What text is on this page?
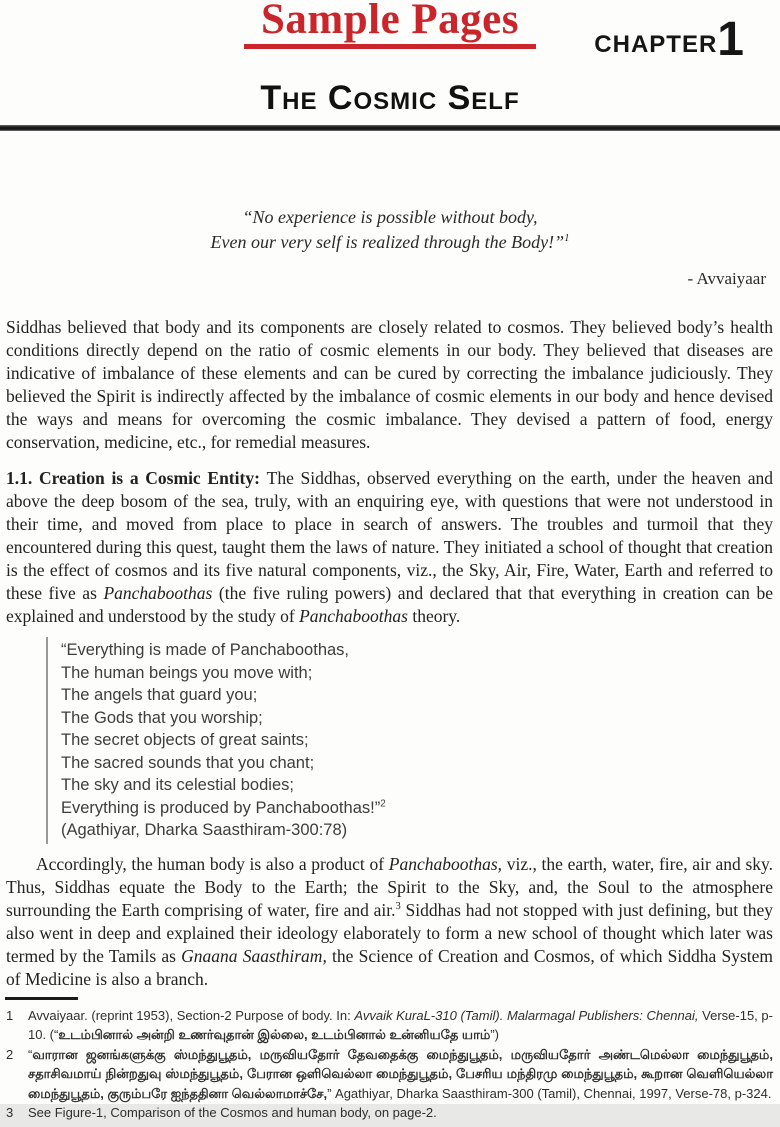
Sample Pages
CHAPTER 1
The Cosmic Self
“No experience is possible without body,
Even our very self is realized through the Body!”$^1$
- Avvaiyaar

Siddhas believed that body and its components are closely related to cosmos. They believed body’s health conditions directly depend on the ratio of cosmic elements in our body. They believed that diseases are indicative of imbalance of these elements and can be cured by correcting the imbalance judiciously. They believed the Spirit is indirectly affected by the imbalance of cosmic elements in our body and hence devised the ways and means for overcoming the cosmic imbalance. They devised a pattern of food, energy conservation, medicine, etc., for remedial measures.

1.1. Creation is a Cosmic Entity: The Siddhas, observed everything on the earth, under the heaven and above the deep bosom of the sea, truly, with an enquiring eye, with questions that were not understood in their time, and moved from place to place in search of answers. The troubles and turmoil that they encountered during this quest, taught them the laws of nature. They initiated a school of thought that creation is the effect of cosmos and its five natural components, viz., the Sky, Air, Fire, Water, Earth and referred to these five as Panchaboothas (the five ruling powers) and declared that that everything in creation can be explained and understood by the study of Panchaboothas theory.

“Everything is made of Panchaboothas,
The human beings you move with;
The angels that guard you;
The Gods that you worship;
The secret objects of great saints;
The sacred sounds that you chant;
The sky and its celestial bodies;
Everything is produced by Panchaboothas!”$^2$
(Agathiyar, Dharka Saasthiram-300:78)

Accordingly, the human body is also a product of Panchaboothas, viz., the earth, water, fire, air and sky. Thus, Siddhas equate the Body to the Earth; the Spirit to the Sky, and, the Soul to the atmosphere surrounding the Earth comprising of water, fire and air.$^3$ Siddhas had not stopped with just defining, but they also went in deep and explained their ideology elaborately to form a new school of thought which later was termed by the Tamils as Gnaana Saasthiram, the Science of Creation and Cosmos, of which Siddha System of Medicine is also a branch.

1	Avvaiyaar. (reprint 1953), Section-2 Purpose of body. In: Avvaik KuraL-310 (Tamil). Malarmagal Publishers: Chennai, Verse-15, p-10. (“உடம்பினால் அன்றி உணர்வுதான் இல்லை, உடம்பினால் உன்னியதே யாம்”)
2	“வாரான ஜனங்களுக்கு ஸ்மந்துபூதம், மருவியதோர் தேவதைக்கு மைந்துபூதம், மருவியதோர் அண்டமெல்லா மைந்துபூதம், சதாசிவமாய் நின்றதுவு ஸ்மந்துபூதம், பேரான ஒளிவெல்லா மைந்துபூதம், பேசரிய மந்திரமு மைந்துபூதம், கூறான வெளியெல்லா மைந்துபூதம், குரும்பரே ஐந்ததினா வெல்லாமாச்சே,” Agathiyar, Dharka Saasthiram-300 (Tamil), Chennai, 1997, Verse-78, p-324.
3	See Figure-1, Comparison of the Cosmos and human body, on page-2.
